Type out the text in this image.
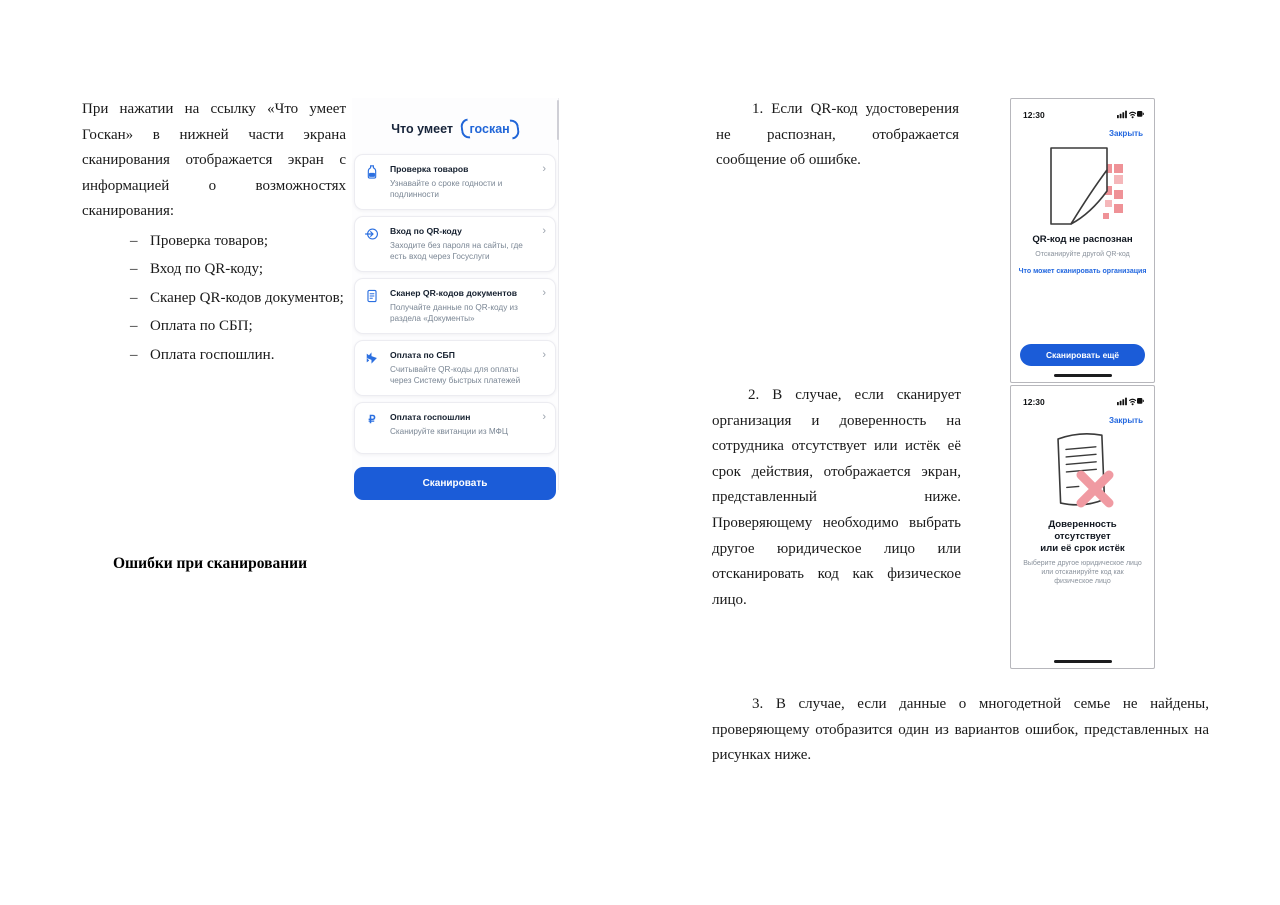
При нажатии на ссылку «Что умеет Госкан» в нижней части экрана сканирования отображается экран с информацией о возможностях сканирования:
– Проверка товаров;
– Вход по QR-коду;
– Сканер QR-кодов документов;
– Оплата по СБП;
– Оплата госпошлин.
Ошибки при сканировании
Что умеет госкан
Проверка товаров
Узнавайте о сроке годности и подлинности
›
Вход по QR-коду
Заходите без пароля на сайты, где есть вход через Госуслуги
›
Сканер QR-кодов документов
Получайте данные по QR-коду из раздела «Документы»
›
Оплата по СБП
Считывайте QR-коды для оплаты через Систему быстрых платежей
›
₽	Оплата госпошлин
Сканируйте квитанции из МФЦ
›
Сканировать
1. Если QR-код удостоверения не распознан, отображается сообщение об ошибке.
2. В случае, если сканирует организация и доверенность на сотрудника отсутствует или истёк её срок действия, отображается экран, представленный ниже. Проверяющему необходимо выбрать другое юридическое лицо или отсканировать код как физическое лицо.
3. В случае, если данные о многодетной семье не найдены, проверяющему отобразится один из вариантов ошибок, представленных на рисунках ниже.
12:30
Закрыть
QR-код не распознан
Отсканируйте другой QR-код
Что может сканировать организация
Сканировать ещё
12:30
Закрыть
Доверенность отсутствует
или её срок истёк
Выберите другое юридическое лицо или отсканируйте код как физическое лицо
